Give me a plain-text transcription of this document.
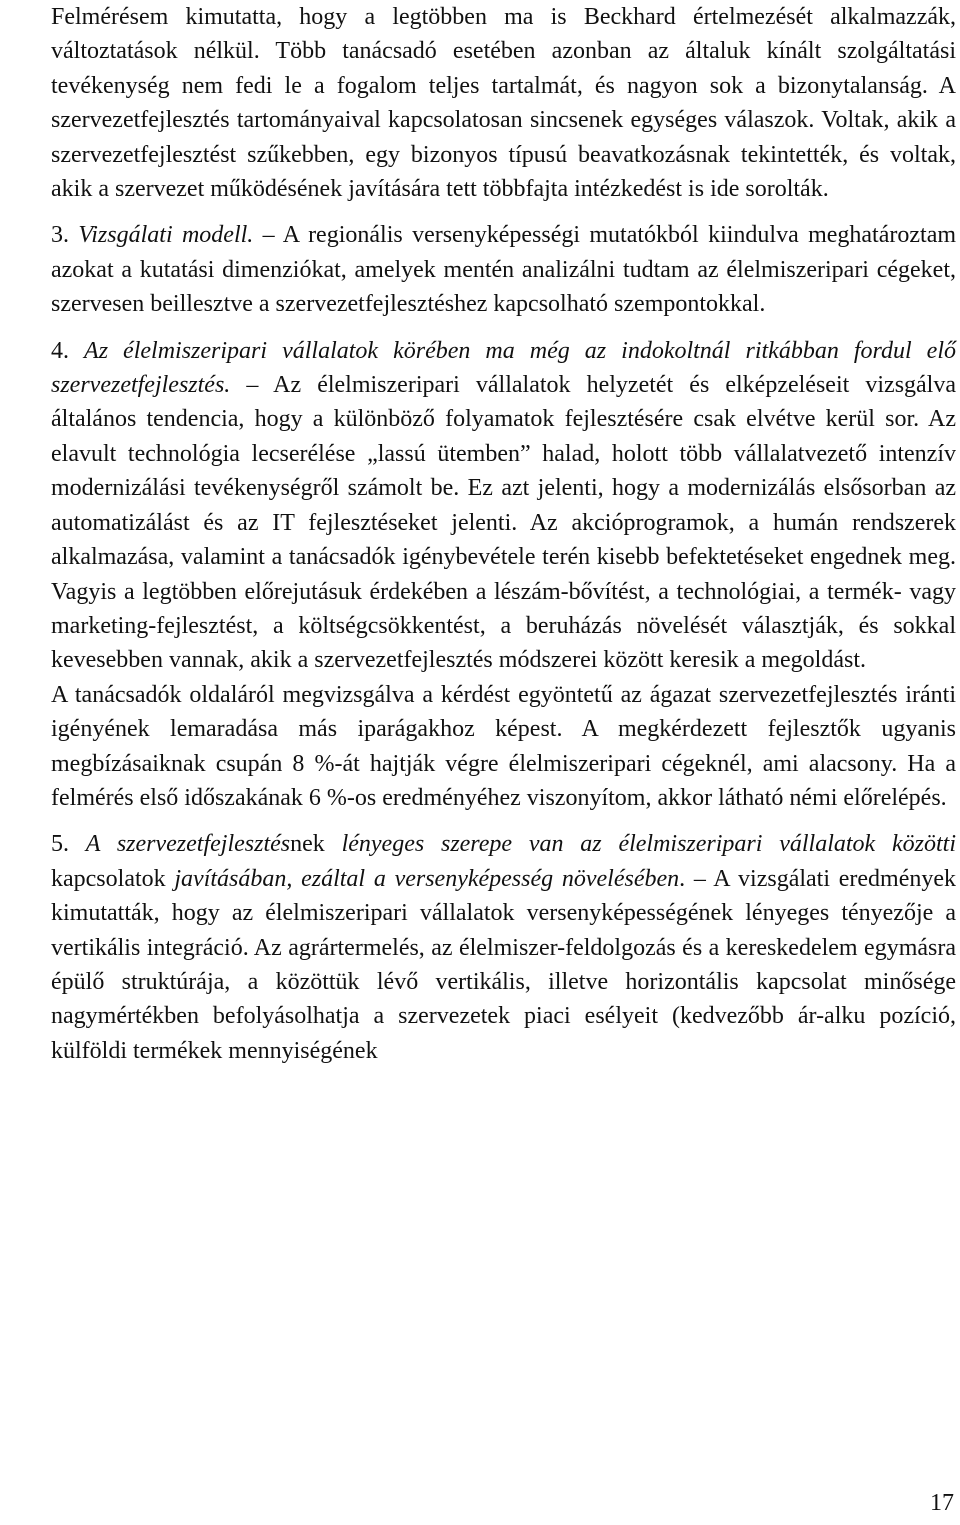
Felmérésem kimutatta, hogy a legtöbben ma is Beckhard értelmezését alkalmazzák, változtatások nélkül. Több tanácsadó esetében azonban az általuk kínált szolgáltatási tevékenység nem fedi le a fogalom teljes tartalmát, és nagyon sok a bizonytalanság. A szervezetfejlesztés tartományaival kapcsolatosan sincsenek egységes válaszok. Voltak, akik a szervezetfejlesztést szűkebben, egy bizonyos típusú beavatkozásnak tekintették, és voltak, akik a szervezet működésének javítására tett többfajta intézkedést is ide sorolták.

3. Vizsgálati modell. – A regionális versenyképességi mutatókból kiindulva meghatároztam azokat a kutatási dimenziókat, amelyek mentén analizálni tudtam az élelmiszeripari cégeket, szervesen beillesztve a szervezetfejlesztéshez kapcsolható szempontokkal.

4. Az élelmiszeripari vállalatok körében ma még az indokoltnál ritkábban fordul elő szervezetfejlesztés. – Az élelmiszeripari vállalatok helyzetét és elképzeléseit vizsgálva általános tendencia, hogy a különböző folyamatok fejlesztésére csak elvétve kerül sor. Az elavult technológia lecserélése „lassú ütemben” halad, holott több vállalatvezető intenzív modernizálási tevékenységről számolt be. Ez azt jelenti, hogy a modernizálás elsősorban az automatizálást és az IT fejlesztéseket jelenti. Az akcióprogramok, a humán rendszerek alkalmazása, valamint a tanácsadók igénybevétele terén kisebb befektetéseket engednek meg. Vagyis a legtöbben előrejutásuk érdekében a lészám-bővítést, a technológiai, a termék- vagy marketing-fejlesztést, a költségcsökkentést, a beruházás növelését választják, és sokkal kevesebben vannak, akik a szervezetfejlesztés módszerei között keresik a megoldást.

A tanácsadók oldaláról megvizsgálva a kérdést egyöntetű az ágazat szervezetfejlesztés iránti igényének lemaradása más iparágakhoz képest. A megkérdezett fejlesztők ugyanis megbízásaiknak csupán 8 %-át hajtják végre élelmiszeripari cégeknél, ami alacsony. Ha a felmérés első időszakának 6 %-os eredményéhez viszonyítom, akkor látható némi előrelépés.

5. A szervezetfejlesztésnek lényeges szerepe van az élelmiszeripari vállalatok közötti kapcsolatok javításában, ezáltal a versenyképesség növelésében. – A vizsgálati eredmények kimutatták, hogy az élelmiszeripari vállalatok versenyképességének lényeges tényezője a vertikális integráció. Az agrártermelés, az élelmiszer-feldolgozás és a kereskedelem egymásra épülő struktúrája, a közöttük lévő vertikális, illetve horizontális kapcsolat minősége nagymértékben befolyásolhatja a szervezetek piaci esélyeit (kedvezőbb ár-alku pozíció, külföldi termékek mennyiségének

17
